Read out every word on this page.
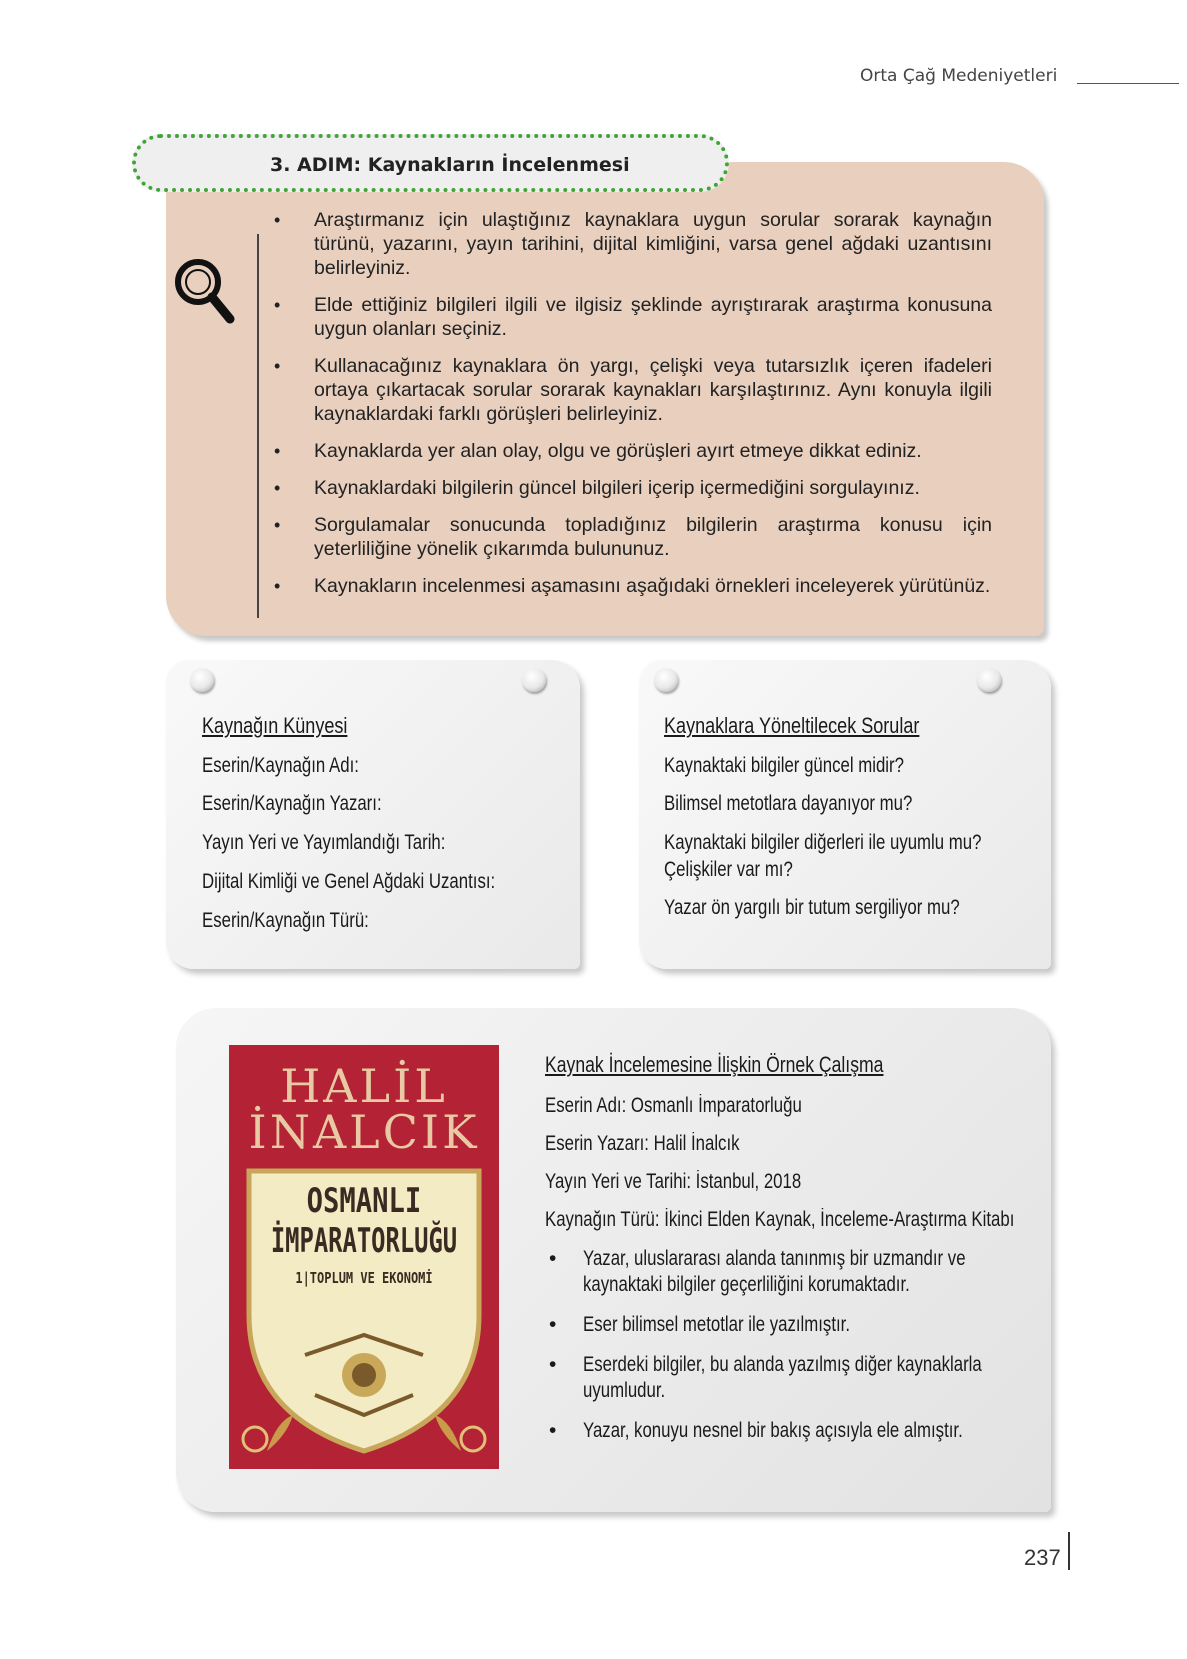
Orta Çağ Medeniyetleri
3. ADIM: Kaynakların İncelenmesi
• Araştırmanız için ulaştığınız kaynaklara uygun sorular sorarak kaynağın türünü, yazarını, yayın tarihini, dijital kimliğini, varsa genel ağdaki uzantısını belirleyiniz.
• Elde ettiğiniz bilgileri ilgili ve ilgisiz şeklinde ayrıştırarak araştırma konusuna uygun olanları seçiniz.
• Kullanacağınız kaynaklara ön yargı, çelişki veya tutarsızlık içeren ifadeleri ortaya çıkartacak sorular sorarak kaynakları karşılaştırınız. Aynı konuyla ilgili kaynaklardaki farklı görüşleri belirleyiniz.
• Kaynaklarda yer alan olay, olgu ve görüşleri ayırt etmeye dikkat ediniz.
• Kaynaklardaki bilgilerin güncel bilgileri içerip içermediğini sorgulayınız.
• Sorgulamalar sonucunda topladığınız bilgilerin araştırma konusu için yeterliliğine yönelik çıkarımda bulununuz.
• Kaynakların incelenmesi aşamasını aşağıdaki örnekleri inceleyerek yürütünüz.
Kaynağın Künyesi
Eserin/Kaynağın Adı:
Eserin/Kaynağın Yazarı:
Yayın Yeri ve Yayımlandığı Tarih:
Dijital Kimliği ve Genel Ağdaki Uzantısı:
Eserin/Kaynağın Türü:
Kaynaklara Yöneltilecek Sorular
Kaynaktaki bilgiler güncel midir?
Bilimsel metotlara dayanıyor mu?
Kaynaktaki bilgiler diğerleri ile uyumlu mu?
Çelişkiler var mı?
Yazar ön yargılı bir tutum sergiliyor mu?
HALİL
İNALCIK
OSMANLI
İMPARATORLUĞU
1|TOPLUM VE EKONOMİ
Kaynak İncelemesine İlişkin Örnek Çalışma
Eserin Adı: Osmanlı İmparatorluğu
Eserin Yazarı: Halil İnalcık
Yayın Yeri ve Tarihi: İstanbul, 2018
Kaynağın Türü: İkinci Elden Kaynak, İnceleme-Araştırma Kitabı
• Yazar, uluslararası alanda tanınmış bir uzmandır ve kaynaktaki bilgiler geçerliliğini korumaktadır.
• Eser bilimsel metotlar ile yazılmıştır.
• Eserdeki bilgiler, bu alanda yazılmış diğer kaynaklarla uyumludur.
• Yazar, konuyu nesnel bir bakış açısıyla ele almıştır.
237
